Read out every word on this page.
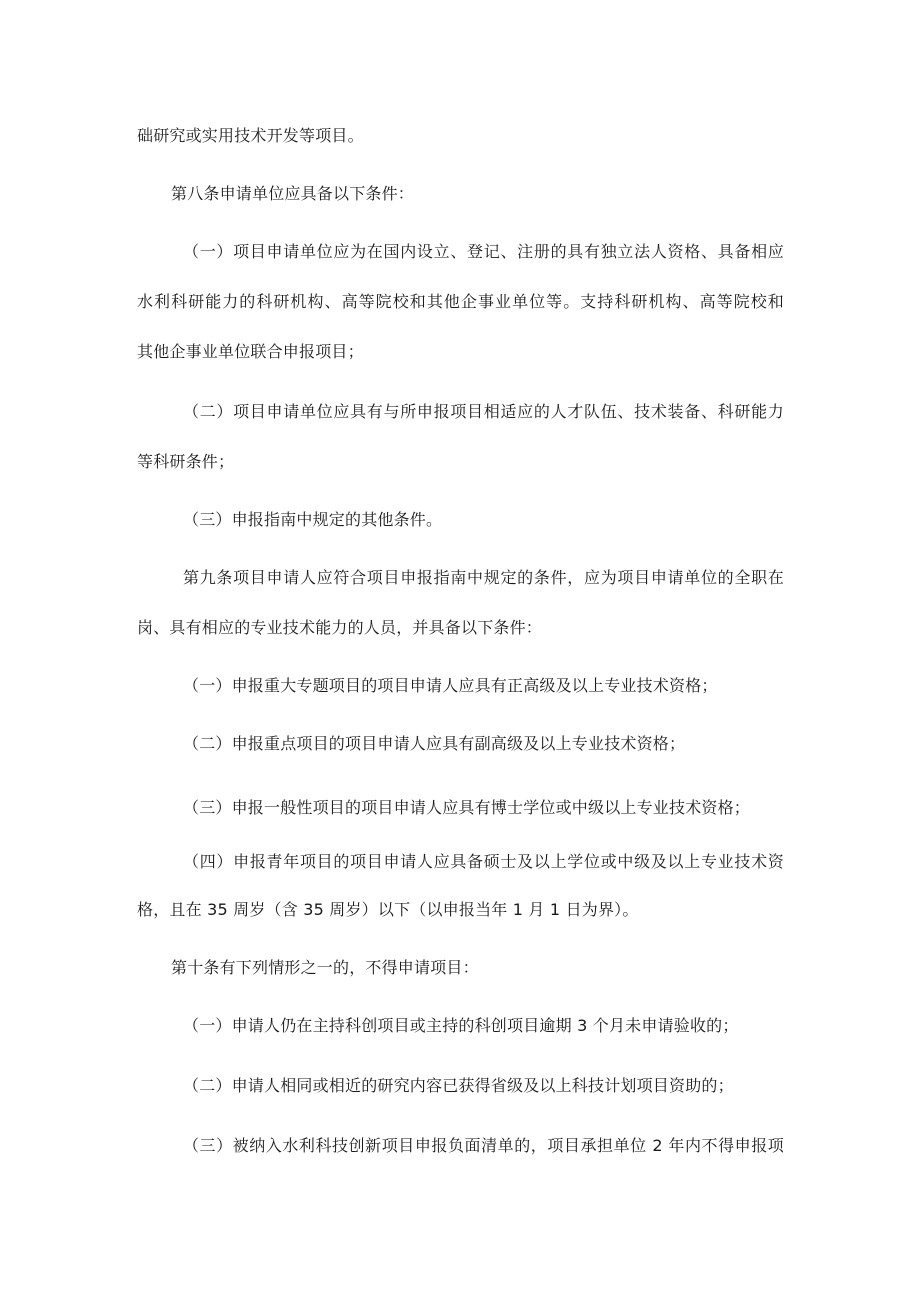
础研究或实用技术开发等项目。

第八条申请单位应具备以下条件：

（一）项目申请单位应为在国内设立、登记、注册的具有独立法人资格、具备相应

水利科研能力的科研机构、高等院校和其他企事业单位等。支持科研机构、高等院校和

其他企事业单位联合申报项目；

（二）项目申请单位应具有与所申报项目相适应的人才队伍、技术装备、科研能力

等科研条件；

（三）申报指南中规定的其他条件。

第九条项目申请人应符合项目申报指南中规定的条件，应为项目申请单位的全职在

岗、具有相应的专业技术能力的人员，并具备以下条件：

（一）申报重大专题项目的项目申请人应具有正高级及以上专业技术资格；

（二）申报重点项目的项目申请人应具有副高级及以上专业技术资格；

（三）申报一般性项目的项目申请人应具有博士学位或中级以上专业技术资格；

（四）申报青年项目的项目申请人应具备硕士及以上学位或中级及以上专业技术资

格，且在 35 周岁（含 35 周岁）以下（以申报当年 1 月 1 日为界）。

第十条有下列情形之一的，不得申请项目：

（一）申请人仍在主持科创项目或主持的科创项目逾期 3 个月未申请验收的；

（二）申请人相同或相近的研究内容已获得省级及以上科技计划项目资助的；

（三）被纳入水利科技创新项目申报负面清单的，项目承担单位 2 年内不得申报项
